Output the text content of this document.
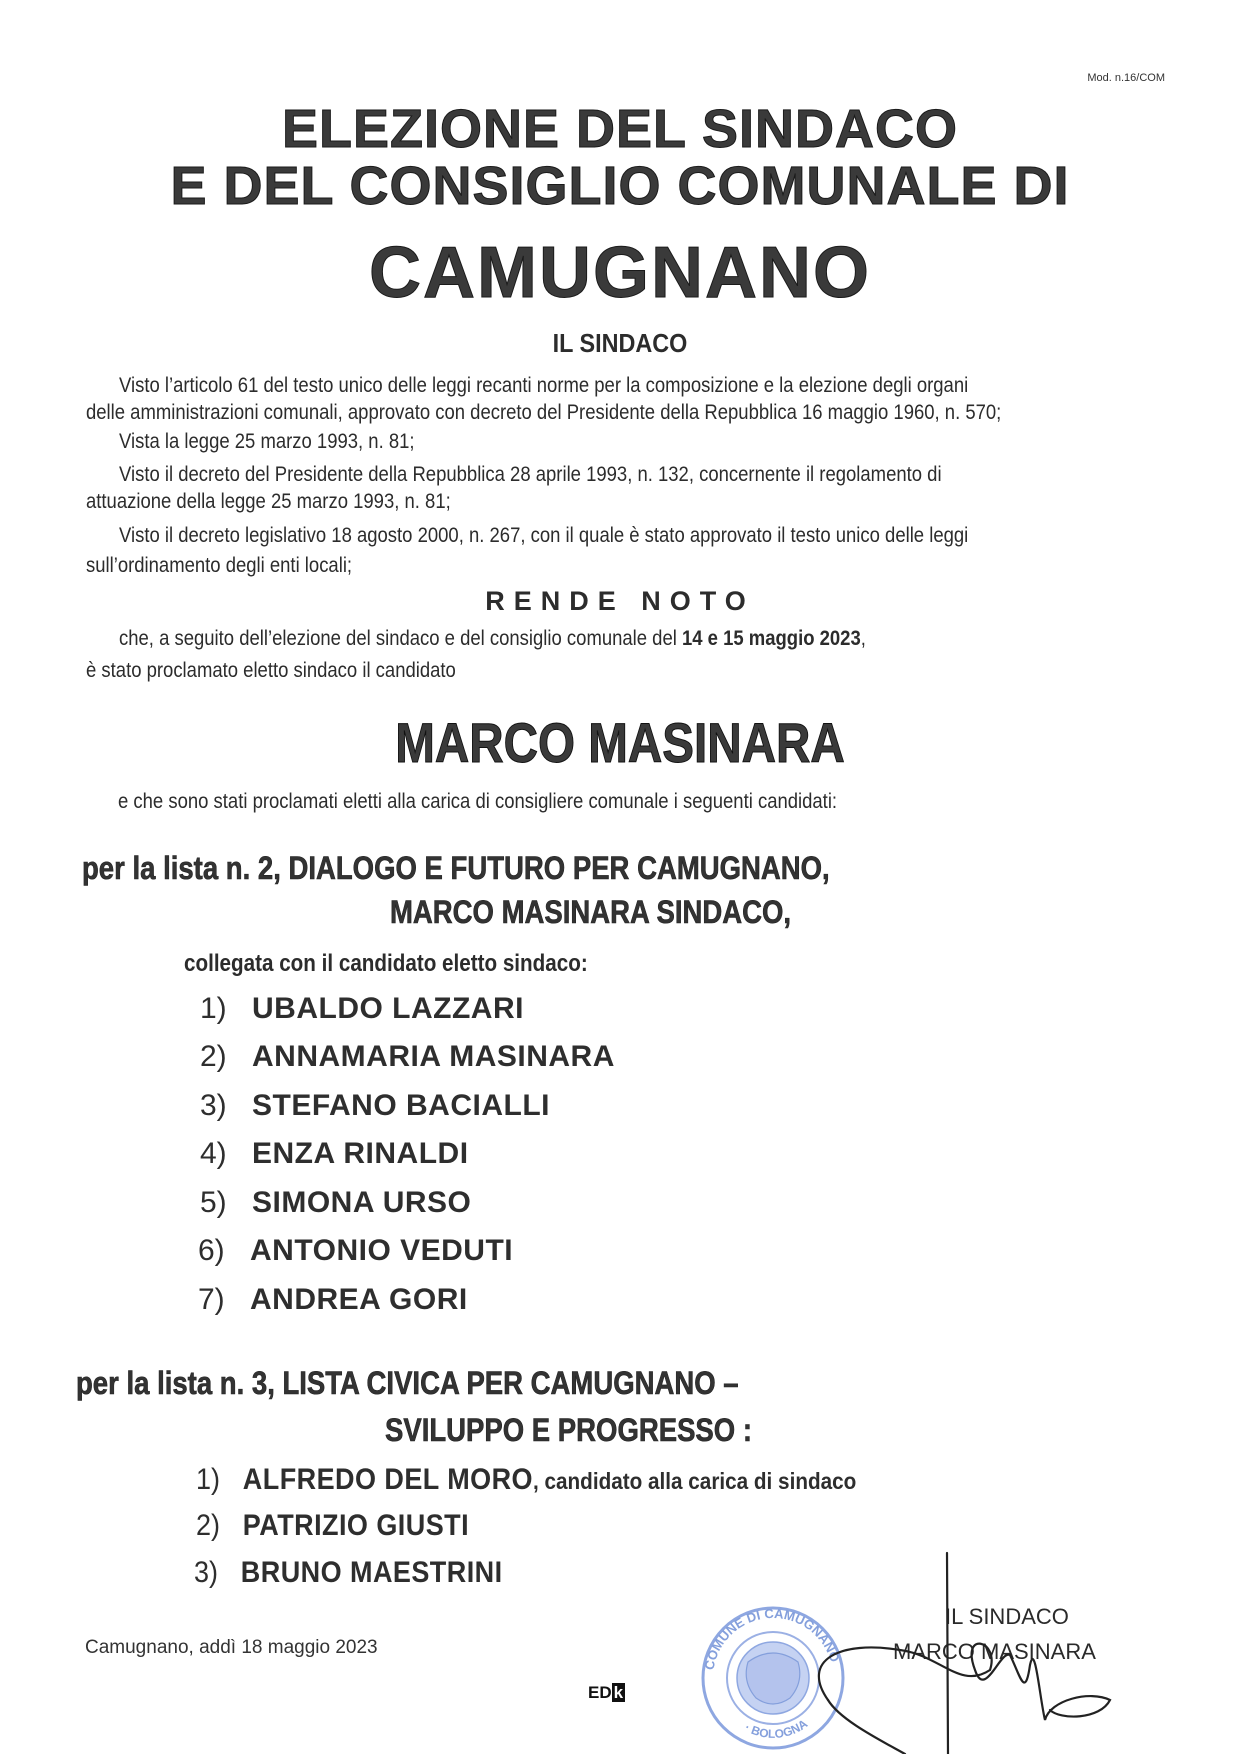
Mod. n.16/COM
ELEZIONE DEL SINDACO
E DEL CONSIGLIO COMUNALE DI
CAMUGNANO
IL SINDACO
Visto l’articolo 61 del testo unico delle leggi recanti norme per la composizione e la elezione degli organi
delle amministrazioni comunali, approvato con decreto del Presidente della Repubblica 16 maggio 1960, n. 570;
Vista la legge 25 marzo 1993, n. 81;
Visto il decreto del Presidente della Repubblica 28 aprile 1993, n. 132, concernente il regolamento di
attuazione della legge 25 marzo 1993, n. 81;
Visto il decreto legislativo 18 agosto 2000, n. 267, con il quale è stato approvato il testo unico delle leggi
sull’ordinamento degli enti locali;
RENDE NOTO
che, a seguito dell’elezione del sindaco e del consiglio comunale del 14 e 15 maggio 2023,
è stato proclamato eletto sindaco il candidato
MARCO MASINARA
e che sono stati proclamati eletti alla carica di consigliere comunale i seguenti candidati:
per la lista n. 2, DIALOGO E FUTURO PER CAMUGNANO,
MARCO MASINARA SINDACO,
collegata con il candidato eletto sindaco:
1) UBALDO LAZZARI
2) ANNAMARIA MASINARA
3) STEFANO BACIALLI
4) ENZA RINALDI
5) SIMONA URSO
6) ANTONIO VEDUTI
7) ANDREA GORI
per la lista n. 3, LISTA CIVICA PER CAMUGNANO –
SVILUPPO E PROGRESSO :
1) ALFREDO DEL MORO, candidato alla carica di sindaco
2) PATRIZIO GIUSTI
3) BRUNO MAESTRINI
Camugnano, addì 18 maggio 2023
ED k
COMUNE DI CAMUGNANO
· BOLOGNA
IL SINDACO
MARCO MASINARA
